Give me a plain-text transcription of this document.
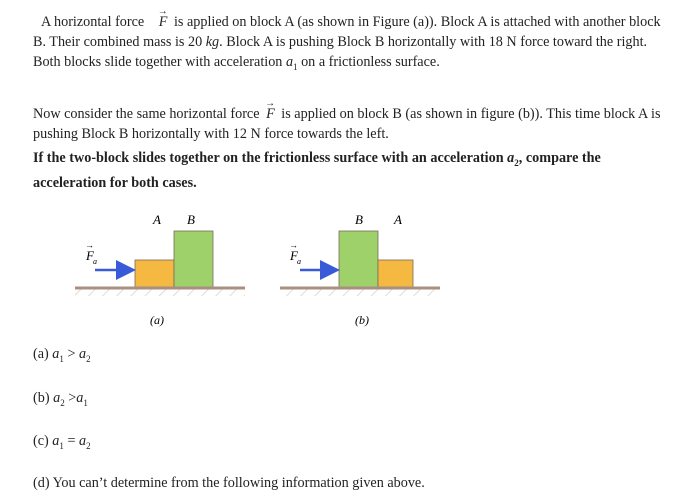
A horizontal force → F is applied on block A (as shown in Figure (a)). Block A is attached with another block B. Their combined mass is 20 kg. Block A is pushing Block B horizontally with 18 N force toward the right. Both blocks slide together with acceleration $a_1$ on a frictionless surface.
Now consider the same horizontal force → F is applied on block B (as shown in figure (b)). This time block A is pushing Block B horizontally with 12 N force towards the left.
If the two-block slides together on the frictionless surface with an acceleration $a_2$, compare the acceleration for both cases.
A B
F a
→
(a)
B A
F a
→
(b)
(a) $a_1 > a_2$
(b) $a_2 >a_1$
(c) $a_1 = a_2$
(d) You can’t determine from the following information given above.
